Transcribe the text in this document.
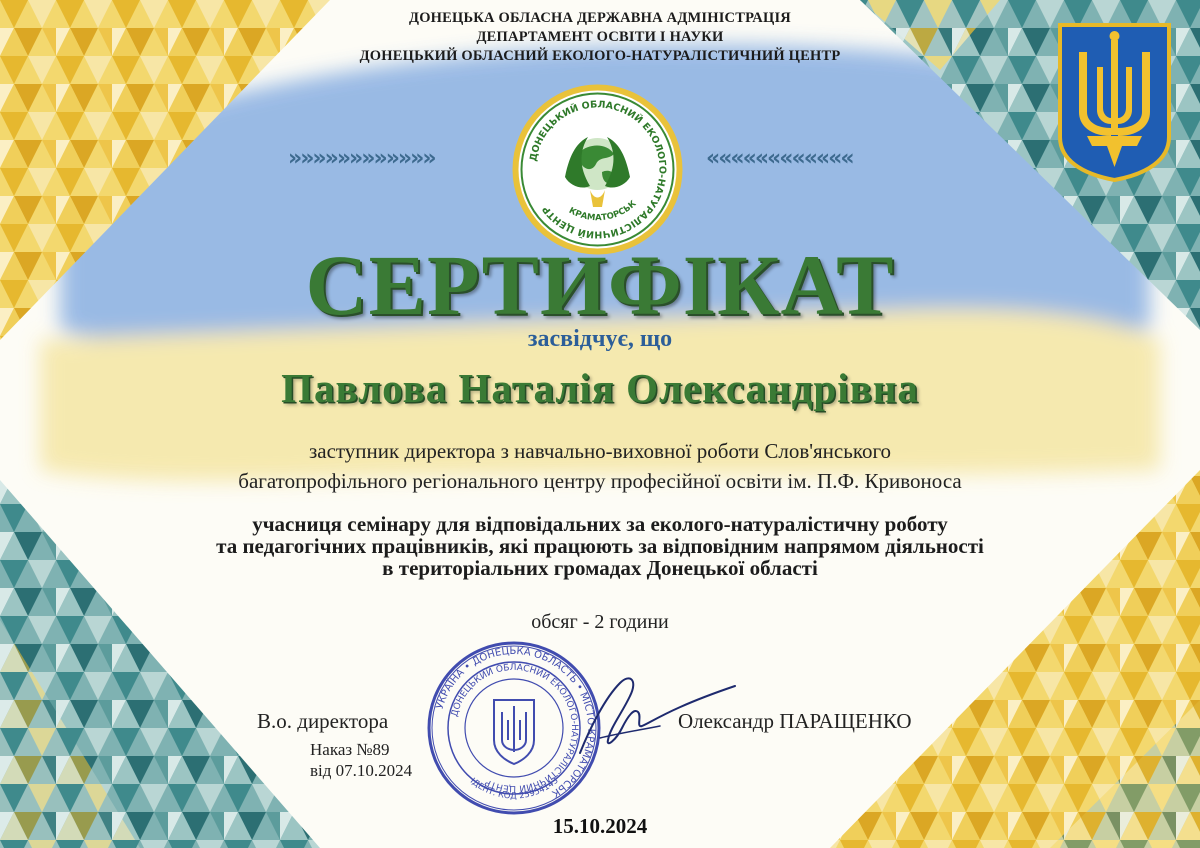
ДОНЕЦЬКА ОБЛАСНА ДЕРЖАВНА АДМІНІСТРАЦІЯ
ДЕПАРТАМЕНТ ОСВІТИ І НАУКИ
ДОНЕЦЬКИЙ ОБЛАСНИЙ ЕКОЛОГО-НАТУРАЛІСТИЧНИЙ ЦЕНТР
»»»»»»»»»»»»	««««««««««««
ДОНЕЦЬКИЙ ОБЛАСНИЙ ЕКОЛОГО-НАТУРАЛІСТИЧНИЙ ЦЕНТР	КРАМАТОРСЬК
СЕРТИФІКАТ
засвідчує, що
Павлова Наталія Олександрівна
заступник директора з навчально-виховної роботи Слов'янського
багатопрофільного регіонального центру професійної освіти ім. П.Ф. Кривоноса
учасниця семінару для відповідальних за еколого-натуралістичну роботу
та педагогічних працівників, які працюють за відповідним напрямом діяльності
в територіальних громадах Донецької області
обсяг - 2 години
УКРАЇНА • ДОНЕЦЬКА ОБЛАСТЬ • МІСТО КРАМАТОРСЬК
ДОНЕЦЬКИЙ ОБЛАСНИЙ ЕКОЛОГО-НАТУРАЛІСТИЧНИЙ ЦЕНТР
ІДЕНТ. КОД 25954143
В.о. директора
Наказ №89
від 07.10.2024
Олександр ПАРАЩЕНКО
15.10.2024
